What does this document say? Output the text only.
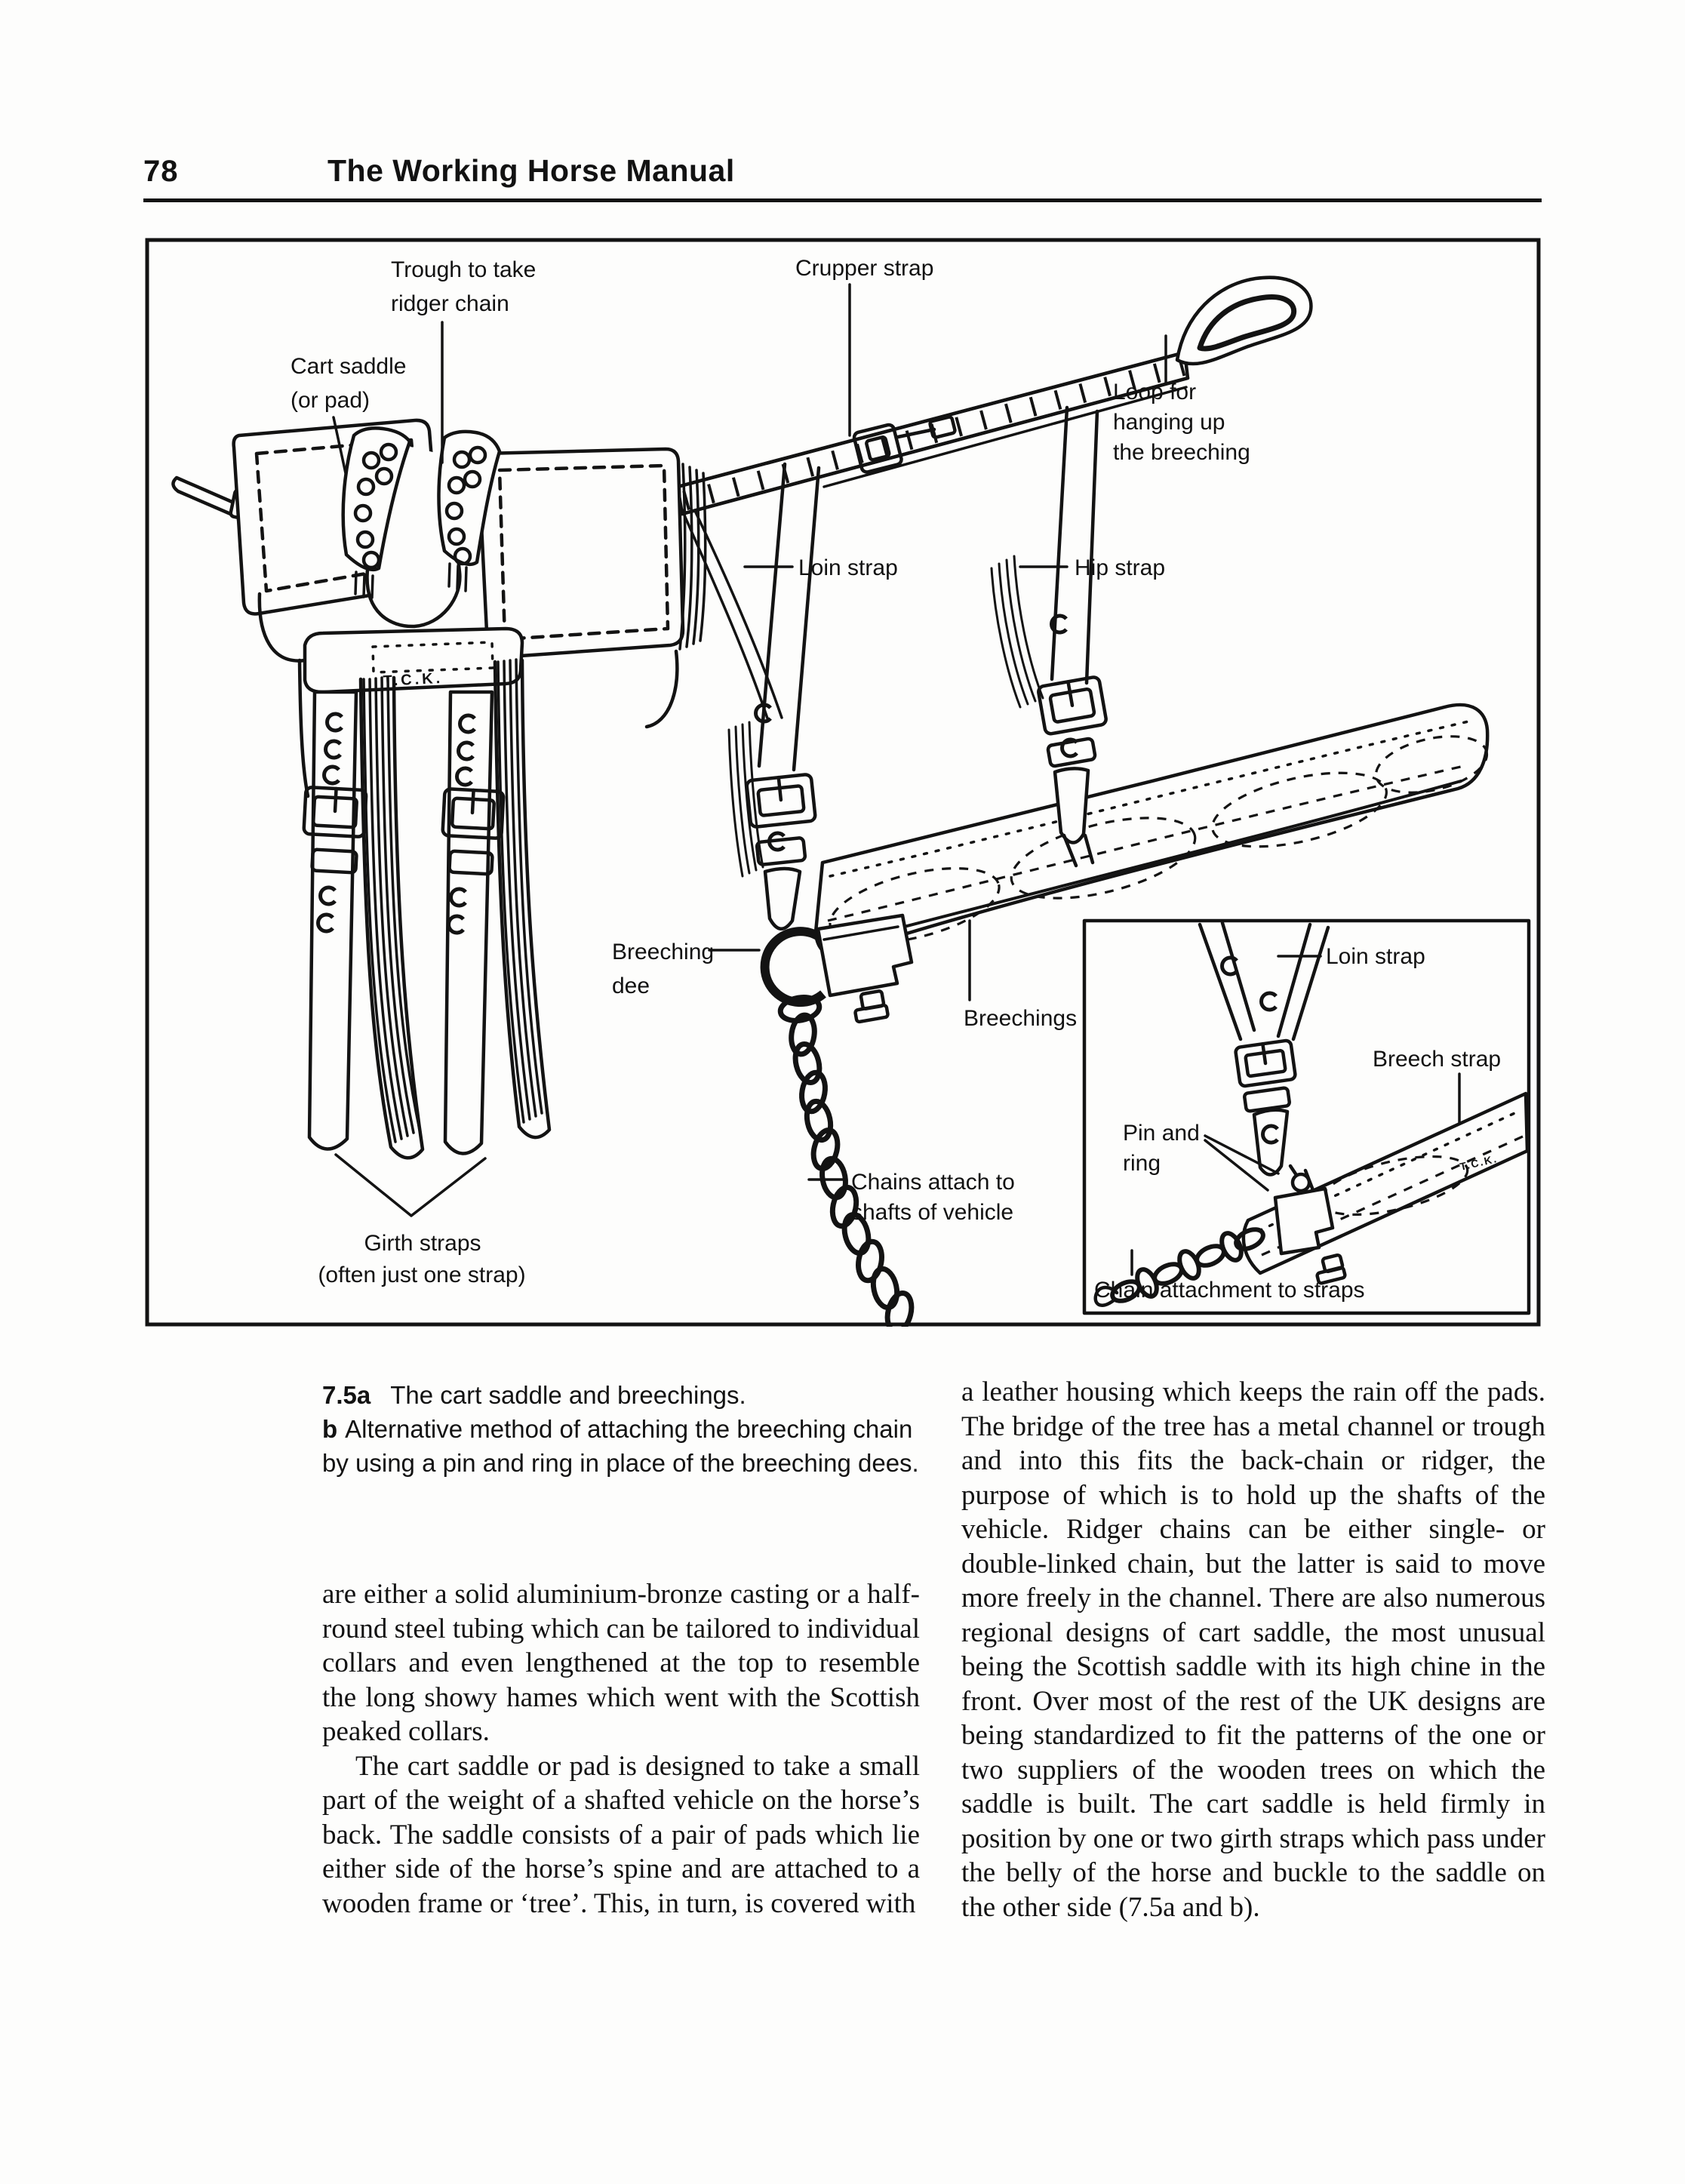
78	The Working Horse Manual
T.C.K.
Trough to take
ridger chain
Cart saddle
(or pad)
Crupper strap
Loop for
hanging up
the breeching
Loin strap	Hip strap
Breeching
dee
Breechings
Chains attach to
shafts of vehicle
Girth straps
(often just one strap)
T.C.K.
Loin strap
Breech strap
Pin and
ring
Chain attachment to straps

7.5a The cart saddle and breechings.

b Alternative method of attaching the breeching chain by using a pin and ring in place of the breeching dees.

are either a solid aluminium-bronze casting or a half-round steel tubing which can be tailored to individual collars and even lengthened at the top to resemble the long showy hames which went with the Scottish peaked collars.

The cart saddle or pad is designed to take a small part of the weight of a shafted vehicle on the horse’s back. The saddle consists of a pair of pads which lie either side of the horse’s spine and are attached to a wooden frame or ‘tree’. This, in turn, is covered with

a leather housing which keeps the rain off the pads. The bridge of the tree has a metal channel or trough and into this fits the back-chain or ridger, the purpose of which is to hold up the shafts of the vehicle. Ridger chains can be either single- or double-linked chain, but the latter is said to move more freely in the channel. There are also numerous regional designs of cart saddle, the most unusual being the Scottish saddle with its high chine in the front. Over most of the rest of the UK designs are being standardized to fit the patterns of the one or two suppliers of the wooden trees on which the saddle is built. The cart saddle is held firmly in position by one or two girth straps which pass under the belly of the horse and buckle to the saddle on the other side (7.5a and b).
